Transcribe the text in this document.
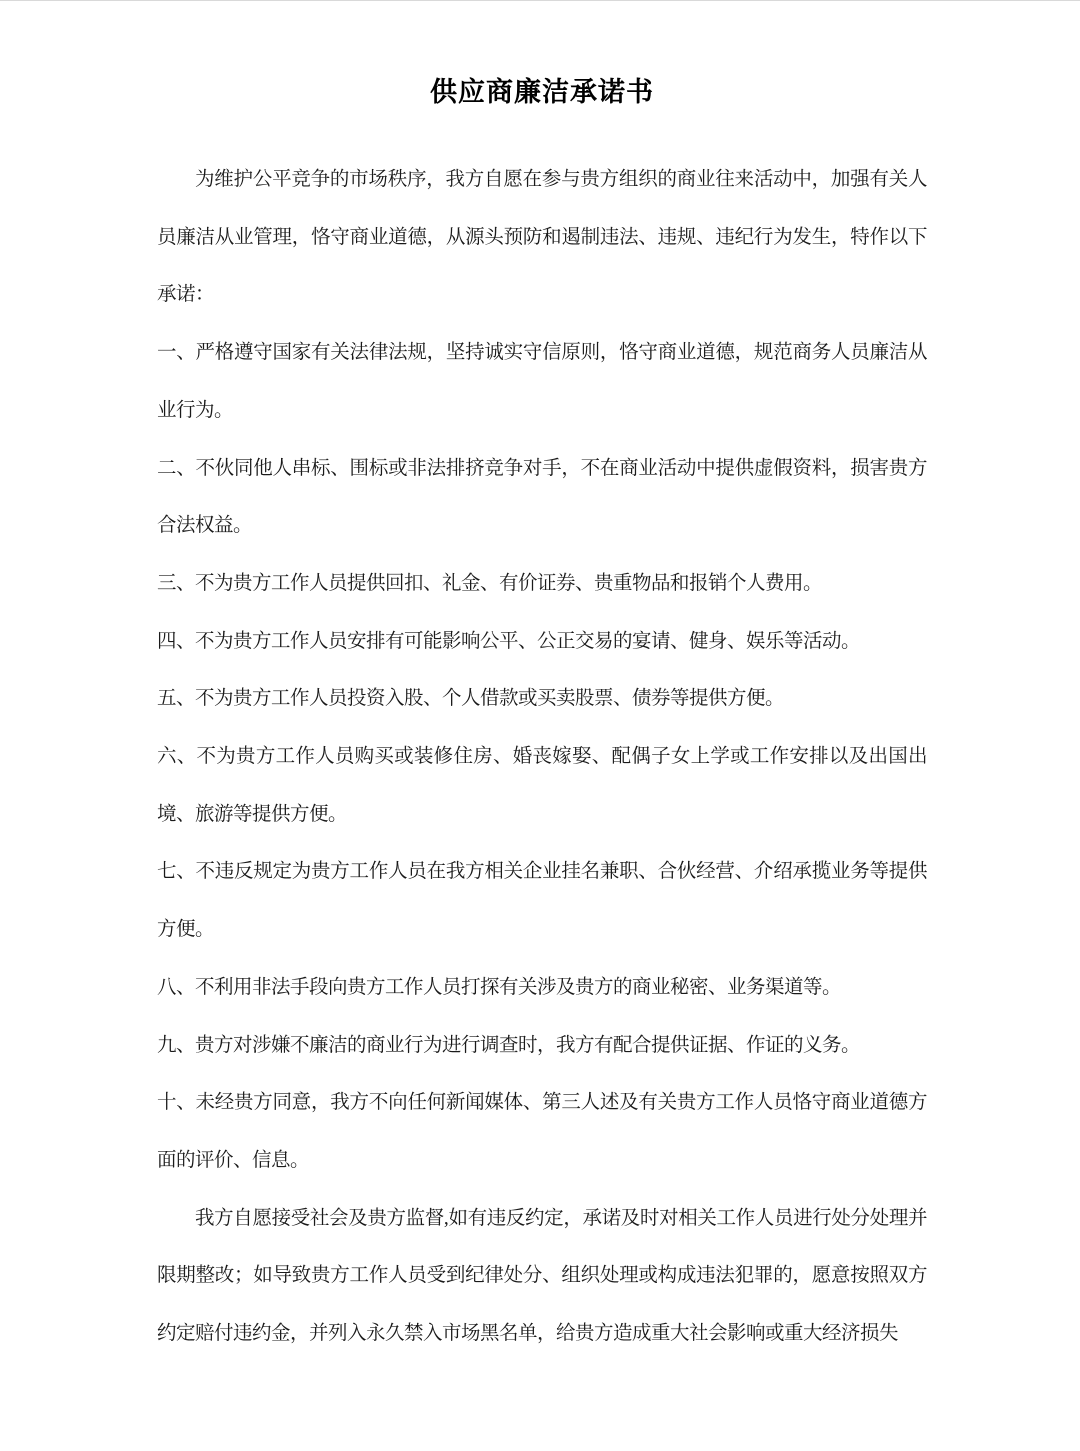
供应商廉洁承诺书

为维护公平竞争的市场秩序，我方自愿在参与贵方组织的商业往来活动中，加强有关人员廉洁从业管理，恪守商业道德，从源头预防和遏制违法、违规、违纪行为发生，特作以下承诺：

一、严格遵守国家有关法律法规，坚持诚实守信原则，恪守商业道德，规范商务人员廉洁从业行为。

二、不伙同他人串标、围标或非法排挤竞争对手，不在商业活动中提供虚假资料，损害贵方合法权益。

三、不为贵方工作人员提供回扣、礼金、有价证券、贵重物品和报销个人费用。

四、不为贵方工作人员安排有可能影响公平、公正交易的宴请、健身、娱乐等活动。

五、不为贵方工作人员投资入股、个人借款或买卖股票、债券等提供方便。

六、不为贵方工作人员购买或装修住房、婚丧嫁娶、配偶子女上学或工作安排以及出国出境、旅游等提供方便。

七、不违反规定为贵方工作人员在我方相关企业挂名兼职、合伙经营、介绍承揽业务等提供方便。

八、不利用非法手段向贵方工作人员打探有关涉及贵方的商业秘密、业务渠道等。

九、贵方对涉嫌不廉洁的商业行为进行调查时，我方有配合提供证据、作证的义务。

十、未经贵方同意，我方不向任何新闻媒体、第三人述及有关贵方工作人员恪守商业道德方面的评价、信息。

我方自愿接受社会及贵方监督,如有违反约定，承诺及时对相关工作人员进行处分处理并限期整改；如导致贵方工作人员受到纪律处分、组织处理或构成违法犯罪的，愿意按照双方约定赔付违约金，并列入永久禁入市场黑名单，给贵方造成重大社会影响或重大经济损失
